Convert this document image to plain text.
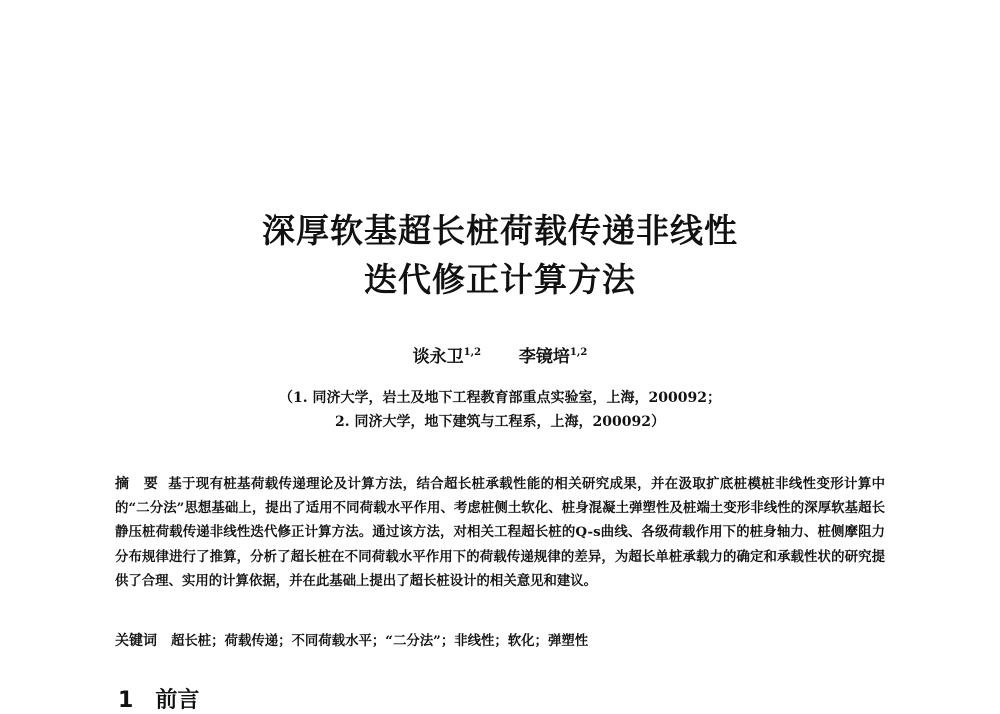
深厚软基超长桩荷载传递非线性
迭代修正计算方法
谈永卫$^{1,2}$ 李镜培$^{1,2}$
（1. 同济大学，岩土及地下工程教育部重点实验室，上海，200092；
2. 同济大学，地下建筑与工程系，上海，200092）
摘　要 基于现有桩基荷载传递理论及计算方法，结合超长桩承载性能的相关研究成果，并在汲取扩底桩模桩非线性变形计算中的“二分法”思想基础上，提出了适用不同荷载水平作用、考虑桩侧土软化、桩身混凝土弹塑性及桩端土变形非线性的深厚软基超长静压桩荷载传递非线性迭代修正计算方法。通过该方法，对相关工程超长桩的Q-s曲线、各级荷载作用下的桩身轴力、桩侧摩阻力分布规律进行了推算，分析了超长桩在不同荷载水平作用下的荷载传递规律的差异，为超长单桩承载力的确定和承载性状的研究提供了合理、实用的计算依据，并在此基础上提出了超长桩设计的相关意见和建议。
关键词 超长桩；荷载传递；不同荷载水平；“二分法”；非线性；软化；弹塑性
1 前言
